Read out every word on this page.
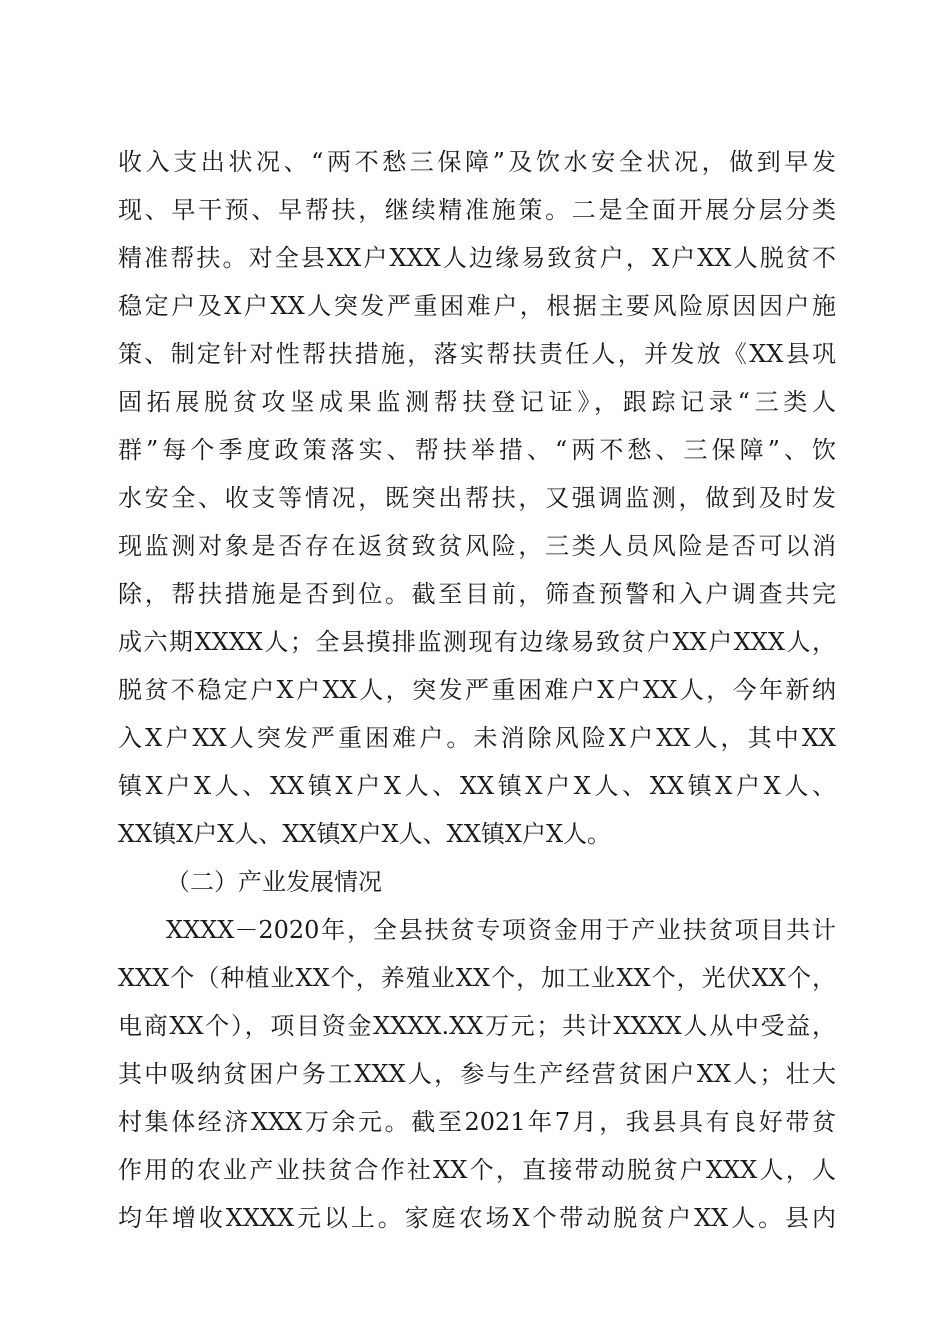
收入支出状况、“两不愁三保障”及饮水安全状况，做到早发

现、早干预、早帮扶，继续精准施策。二是全面开展分层分类

精准帮扶。对全县XX户XXX人边缘易致贫户，X户XX人脱贫不

稳定户及X户XX人突发严重困难户，根据主要风险原因因户施

策、制定针对性帮扶措施，落实帮扶责任人，并发放《XX县巩

固拓展脱贫攻坚成果监测帮扶登记证》，跟踪记录“三类人

群”每个季度政策落实、帮扶举措、“两不愁、三保障”、饮

水安全、收支等情况，既突出帮扶，又强调监测，做到及时发

现监测对象是否存在返贫致贫风险，三类人员风险是否可以消

除，帮扶措施是否到位。截至目前，筛查预警和入户调查共完

成六期XXXX人；全县摸排监测现有边缘易致贫户XX户XXX人，

脱贫不稳定户X户XX人，突发严重困难户X户XX人，今年新纳

入X户XX人突发严重困难户。未消除风险X户XX人，其中XX

镇X户X人、XX镇X户X人、XX镇X户X人、XX镇X户X人、

XX镇X户X人、XX镇X户X人、XX镇X户X人。

（二）产业发展情况

XXXX－2020年，全县扶贫专项资金用于产业扶贫项目共计

XXX个（种植业XX个，养殖业XX个，加工业XX个，光伏XX个，

电商XX个），项目资金XXXX.XX万元；共计XXXX人从中受益，

其中吸纳贫困户务工XXX人，参与生产经营贫困户XX人；壮大

村集体经济XXX万余元。截至2021年7月，我县具有良好带贫

作用的农业产业扶贫合作社XX个，直接带动脱贫户XXX人，人

均年增收XXXX元以上。家庭农场X个带动脱贫户XX人。县内
